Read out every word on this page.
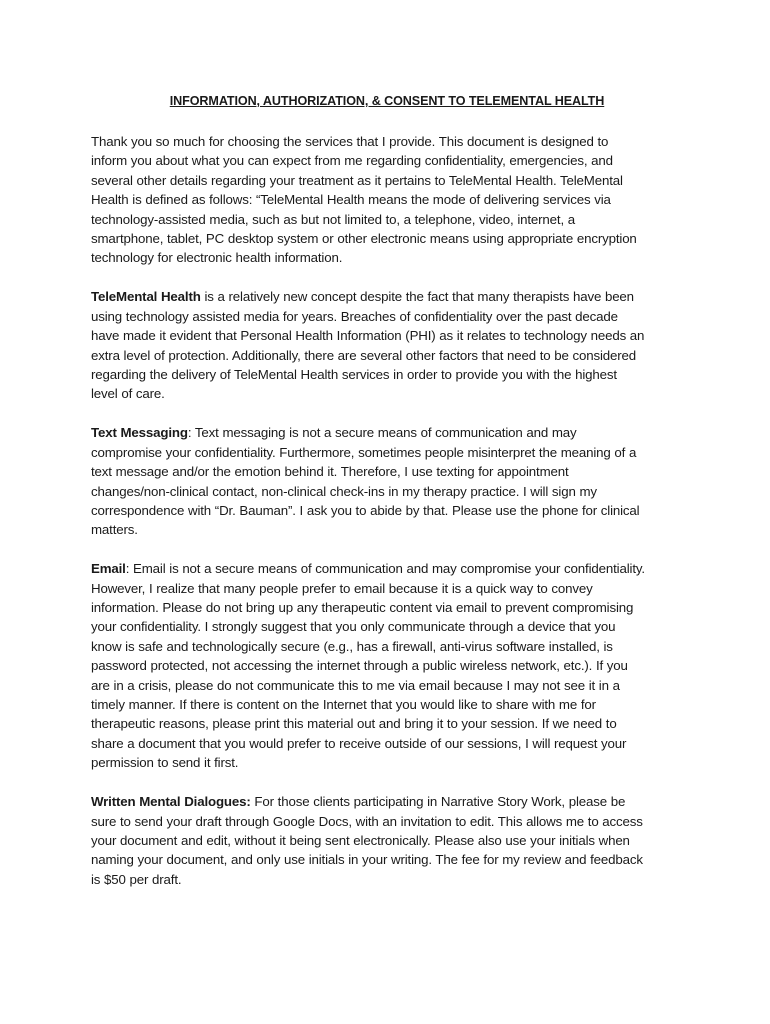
INFORMATION, AUTHORIZATION, & CONSENT TO TELEMENTAL HEALTH
Thank you so much for choosing the services that I provide. This document is designed to
inform you about what you can expect from me regarding confidentiality, emergencies, and
several other details regarding your treatment as it pertains to TeleMental Health. TeleMental
Health is defined as follows: “TeleMental Health means the mode of delivering services via
technology-assisted media, such as but not limited to, a telephone, video, internet, a
smartphone, tablet, PC desktop system or other electronic means using appropriate encryption
technology for electronic health information.
TeleMental Health is a relatively new concept despite the fact that many therapists have been
using technology assisted media for years. Breaches of confidentiality over the past decade
have made it evident that Personal Health Information (PHI) as it relates to technology needs an
extra level of protection. Additionally, there are several other factors that need to be considered
regarding the delivery of TeleMental Health services in order to provide you with the highest
level of care.
Text Messaging: Text messaging is not a secure means of communication and may
compromise your confidentiality. Furthermore, sometimes people misinterpret the meaning of a
text message and/or the emotion behind it. Therefore, I use texting for appointment
changes/non-clinical contact, non-clinical check-ins in my therapy practice. I will sign my
correspondence with “Dr. Bauman”. I ask you to abide by that. Please use the phone for clinical
matters.
Email: Email is not a secure means of communication and may compromise your confidentiality.
However, I realize that many people prefer to email because it is a quick way to convey
information. Please do not bring up any therapeutic content via email to prevent compromising
your confidentiality. I strongly suggest that you only communicate through a device that you
know is safe and technologically secure (e.g., has a firewall, anti-virus software installed, is
password protected, not accessing the internet through a public wireless network, etc.). If you
are in a crisis, please do not communicate this to me via email because I may not see it in a
timely manner. If there is content on the Internet that you would like to share with me for
therapeutic reasons, please print this material out and bring it to your session. If we need to
share a document that you would prefer to receive outside of our sessions, I will request your
permission to send it first.
Written Mental Dialogues: For those clients participating in Narrative Story Work, please be
sure to send your draft through Google Docs, with an invitation to edit. This allows me to access
your document and edit, without it being sent electronically. Please also use your initials when
naming your document, and only use initials in your writing. The fee for my review and feedback
is $50 per draft.
